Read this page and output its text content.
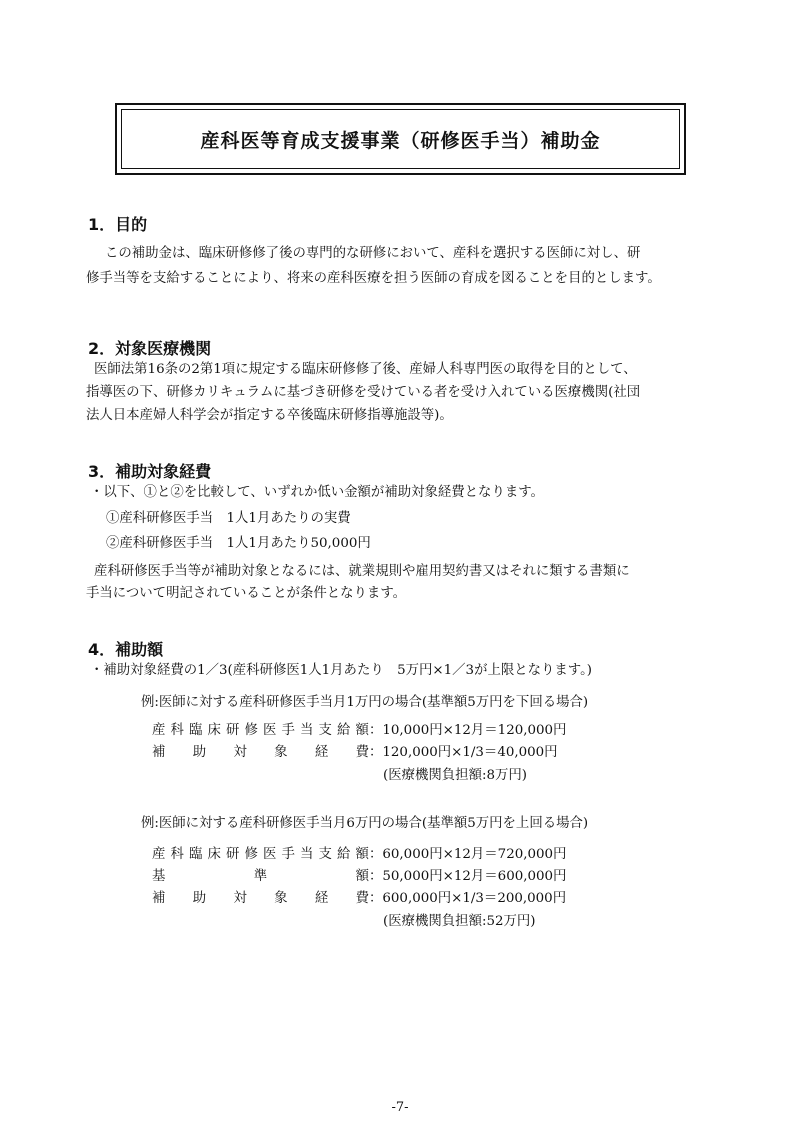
産科医等育成支援事業（研修医手当）補助金
1．目的
この補助金は、臨床研修修了後の専門的な研修において、産科を選択する医師に対し、研
修手当等を支給することにより、将来の産科医療を担う医師の育成を図ることを目的とします。
2．対象医療機関
医師法第16条の2第1項に規定する臨床研修修了後、産婦人科専門医の取得を目的として、
指導医の下、研修カリキュラムに基づき研修を受けている者を受け入れている医療機関(社団
法人日本産婦人科学会が指定する卒後臨床研修指導施設等)。
3．補助対象経費
・以下、①と②を比較して、いずれか低い金額が補助対象経費となります。
①産科研修医手当　1人1月あたりの実費
②産科研修医手当　1人1月あたり50,000円
産科研修医手当等が補助対象となるには、就業規則や雇用契約書又はそれに類する書類に
手当について明記されていることが条件となります。
4．補助額
・補助対象経費の1／3(産科研修医1人1月あたり　5万円×1／3が上限となります。)
例:医師に対する産科研修医手当月1万円の場合(基準額5万円を下回る場合)
産 科 臨 床 研 修 医 手 当 支 給 額 ：10,000円×12月＝120,000円
補 助 対 象 経 費 ：120,000円×1/3＝40,000円
(医療機関負担額:8万円)
例:医師に対する産科研修医手当月6万円の場合(基準額5万円を上回る場合)
産 科 臨 床 研 修 医 手 当 支 給 額 ：60,000円×12月＝720,000円
基	準	額 ：50,000円×12月＝600,000円
補 助 対 象 経 費 ：600,000円×1/3＝200,000円
(医療機関負担額:52万円)
-7-
